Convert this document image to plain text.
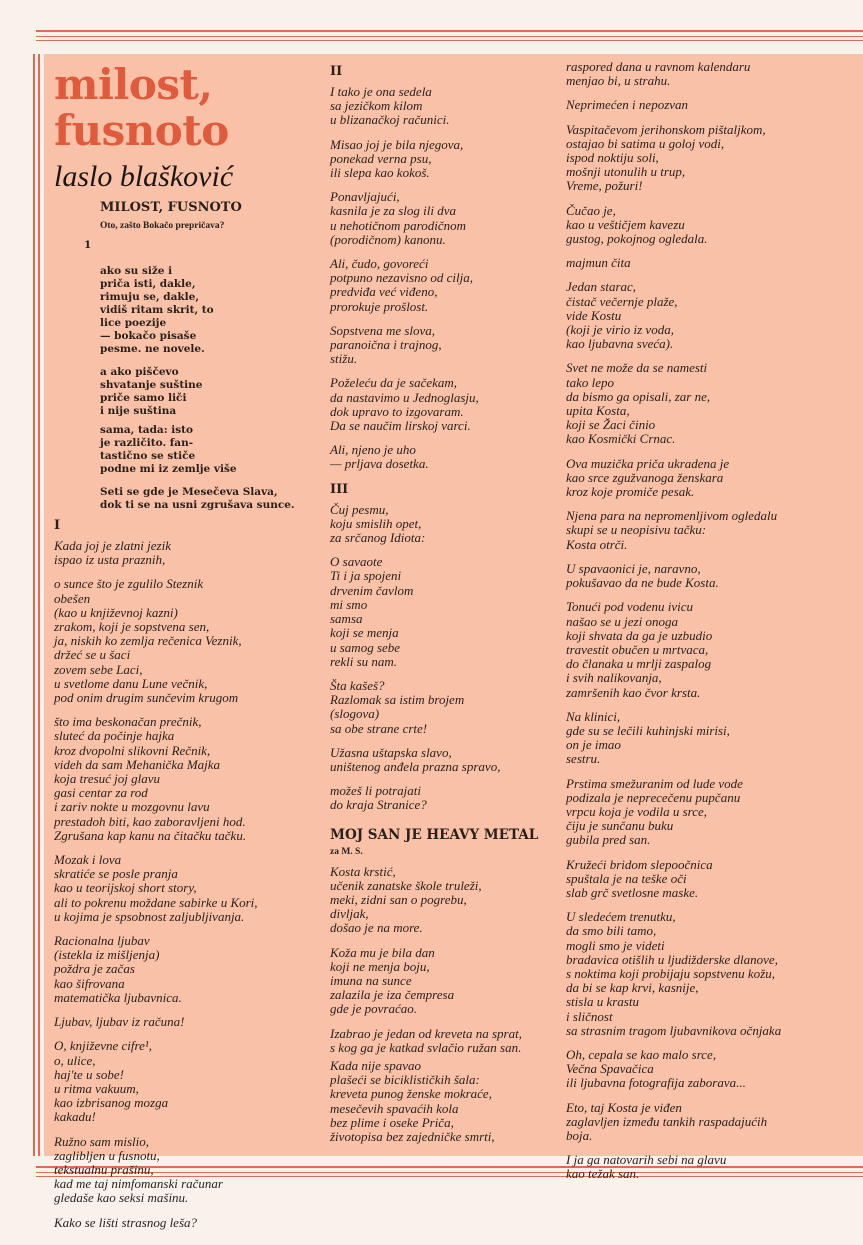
milost,
fusnoto
laslo blašković
MILOST, FUSNOTO
Oto, zašto Bokačo prepričava?

1

ako su siže i
priča isti, dakle,
rimuju se, dakle,
vidiš ritam skrit, to
lice poezije
— bokačo pisaše
pesme. ne novele.

a ako piščevo
shvatanje suštine
priče samo liči
i nije suština
sama, tada: isto
je različito. fan-
tastično se stiče
podne mi iz zemlje više
Seti se gde je Mesečeva Slava,
dok ti se na usni zgrušava sunce.
I
Kada joj je zlatni jezik
ispao iz usta praznih,
o sunce što je zgulilo Steznik
obešen
(kao u književnoj kazni)
zrakom, koji je sopstvena sen,
ja, niskih ko zemlja rečenica Veznik,
držeć se u šaci
zovem sebe Laci,
u svetlome danu Lune večnik,
pod onim drugim sunčevim krugom
što ima beskonačan prečnik,
sluteć da počinje hajka
kroz dvopolni slikovni Rečnik,
videh da sam Mehanička Majka
koja tresuć joj glavu
gasi centar za rod
i zariv nokte u mozgovnu lavu
prestadoh biti, kao zaboravljeni hod.
Zgrušana kap kanu na čitačku tačku.
Mozak i lova
skratiće se posle pranja
kao u teorijskoj short story,
ali to pokrenu moždane sabirke u Kori,
u kojima je spsobnost zaljubljivanja.
Racionalna ljubav
(istekla iz mišljenja)
poždra je začas
kao šifrovana
matematička ljubavnica.
Ljubav, ljubav iz računa!
O, književne cifre¹,
o, ulice,
haj'te u sobe!
u ritma vakuum,
kao izbrisanog mozga
kakadu!
Ružno sam mislio,
zaglibljen u fusnotu,
tekstualnu prašinu,
kad me taj nimfomanski računar
gledaše kao seksi mašinu.
Kako se lišti strasnog leša?
II
I tako je ona sedela
sa jezičkom kilom
u blizanačkoj računici.
Misao joj je bila njegova,
ponekad verna psu,
ili slepa kao kokoš.
Ponavljajući,
kasnila je za slog ili dva
u nehotičnom parodičnom
(porodičnom) kanonu.
Ali, čudo, govoreći
potpuno nezavisno od cilja,
predviđa već viđeno,
prorokuje prošlost.
Sopstvena me slova,
paranoična i trajnog,
stižu.
Poželeću da je sačekam,
da nastavimo u Jednoglasju,
dok upravo to izgovaram.
Da se naučim lirskoj varci.
Ali, njeno je uho
— prljava dosetka.
III
Čuj pesmu,
koju smislih opet,
za srčanog Idiota:
O savaote
Ti i ja spojeni
drvenim čavlom
mi smo
samsa
koji se menja
u samog sebe
rekli su nam.
Šta kašeš?
Razlomak sa istim brojem
(slogova)
sa obe strane crte!
Užasna uštapska slavo,
uništenog anđela prazna spravo,
možeš li potrajati
do kraja Stranice?
MOJ SAN JE HEAVY METAL
za M. S.
Kosta krstić,
učenik zanatske škole truleži,
meki, zidni san o pogrebu,
divljak,
došao je na more.
Koža mu je bila dan
koji ne menja boju,
imuna na sunce
zalazila je iza čempresa
gde je povraćao.
Izabrao je jedan od kreveta na sprat,
s kog ga je katkad svlačio ružan san.
Kada nije spavao
plašeći se biciklističkih šala:
kreveta punog ženske mokraće,
mesečevih spavaćih kola
bez plime i oseke Priča,
životopisa bez zajedničke smrti,
raspored dana u ravnom kalendaru
menjao bi, u strahu.
Neprimećen i nepozvan
Vaspitačevom jerihonskom pištaljkom,
ostajao bi satima u goloj vodi,
ispod noktiju soli,
mošnji utonulih u trup,
Vreme, požuri!
Čučao je,
kao u veštičjem kavezu
gustog, pokojnog ogledala.
majmun čita
Jedan starac,
čistač večernje plaže,
vide Kostu
(koji je virio iz voda,
kao ljubavna sveća).
Svet ne može da se namesti
tako lepo
da bismo ga opisali, zar ne,
upita Kosta,
koji se Žaci činio
kao Kosmički Crnac.
Ova muzička priča ukradena je
kao srce zgužvanoga ženskara
kroz koje promiče pesak.
Njena para na nepromenljivom ogledalu
skupi se u neopisivu tačku:
Kosta otrči.
U spavaonici je, naravno,
pokušavao da ne bude Kosta.
Tonući pod vodenu ivicu
našao se u jezi onoga
koji shvata da ga je uzbudio
travestit obučen u mrtvaca,
do članaka u mrlji zaspalog
i svih nalikovanja,
zamršenih kao čvor krsta.
Na klinici,
gde su se lečili kuhinjski mirisi,
on je imao
sestru.
Prstima smežuranim od lude vode
podizala je neprесečenu pupčanu
vrpcu koja je vodila u srce,
čiju je sunčanu buku
gubila pred san.
Kružeći bridom slepoočnica
spuštala je na teške oči
slab grč svetlosne maske.
U sledećem trenutku,
da smo bili tamo,
mogli smo je videti
bradavica otišlih u ljudiždеrske dlanove,
s noktima koji probijaju sopstvenu kožu,
da bi se kap krvi, kasnije,
stisla u krastu
i sličnost
sa strasnim tragom ljubavnikova očnjaka
Oh, cepala se kao malo srce,
Večna Spavačica
ili ljubavna fotografija zaborava...
Eto, taj Kosta je viđen
zaglavljen između tankih raspadajućih
boja.
I ja ga natovarih sebi na glavu
kao težak san.
